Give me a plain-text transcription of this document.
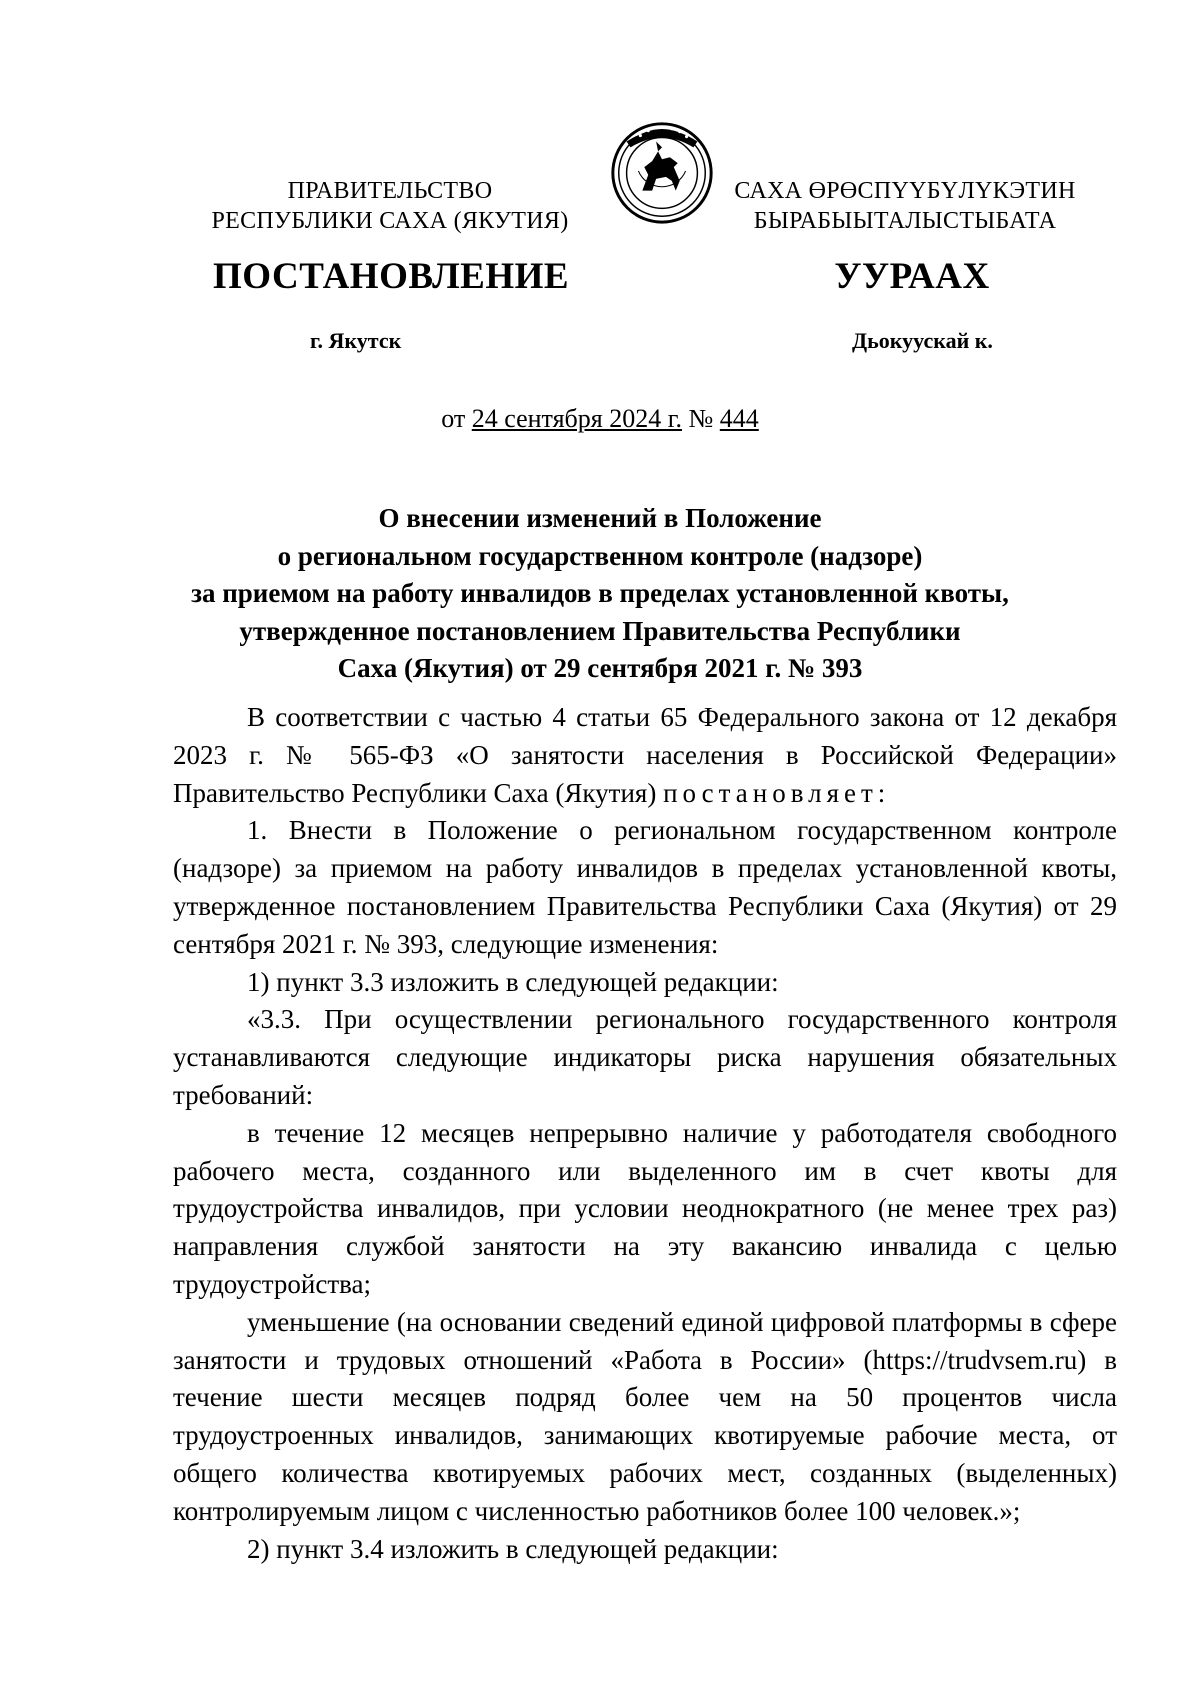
ПРАВИТЕЛЬСТВО
РЕСПУБЛИКИ САХА (ЯКУТИЯ)
САХА ӨРӨСПYYБYЛYКЭТИН
БЫРАБЫЫТАЛЫСТЫБАТА
ПОСТАНОВЛЕНИЕ	УУРААХ
г. Якутск	Дьокуускай к.
от 24 сентября 2024 г. № 444
О внесении изменений в Положение
о региональном государственном контроле (надзоре)
за приемом на работу инвалидов в пределах установленной квоты,
утвержденное постановлением Правительства Республики
Саха (Якутия) от 29 сентября 2021 г. № 393

В соответствии с частью 4 статьи 65 Федерального закона от 12 декабря 2023 г. № 565-ФЗ «О занятости населения в Российской Федерации» Правительство Республики Саха (Якутия) постановляет:

1. Внести в Положение о региональном государственном контроле (надзоре) за приемом на работу инвалидов в пределах установленной квоты, утвержденное постановлением Правительства Республики Саха (Якутия) от 29 сентября 2021 г. № 393, следующие изменения:

1) пункт 3.3 изложить в следующей редакции:

«3.3. При осуществлении регионального государственного контроля устанавливаются следующие индикаторы риска нарушения обязательных требований:

в течение 12 месяцев непрерывно наличие у работодателя свободного рабочего места, созданного или выделенного им в счет квоты для трудоустройства инвалидов, при условии неоднократного (не менее трех раз) направления службой занятости на эту вакансию инвалида с целью трудоустройства;

уменьшение (на основании сведений единой цифровой платформы в сфере занятости и трудовых отношений «Работа в России» (https://trudvsem.ru) в течение шести месяцев подряд более чем на 50 процентов числа трудоустроенных инвалидов, занимающих квотируемые рабочие места, от общего количества квотируемых рабочих мест, созданных (выделенных) контролируемым лицом с численностью работников более 100 человек.»;

2) пункт 3.4 изложить в следующей редакции:
